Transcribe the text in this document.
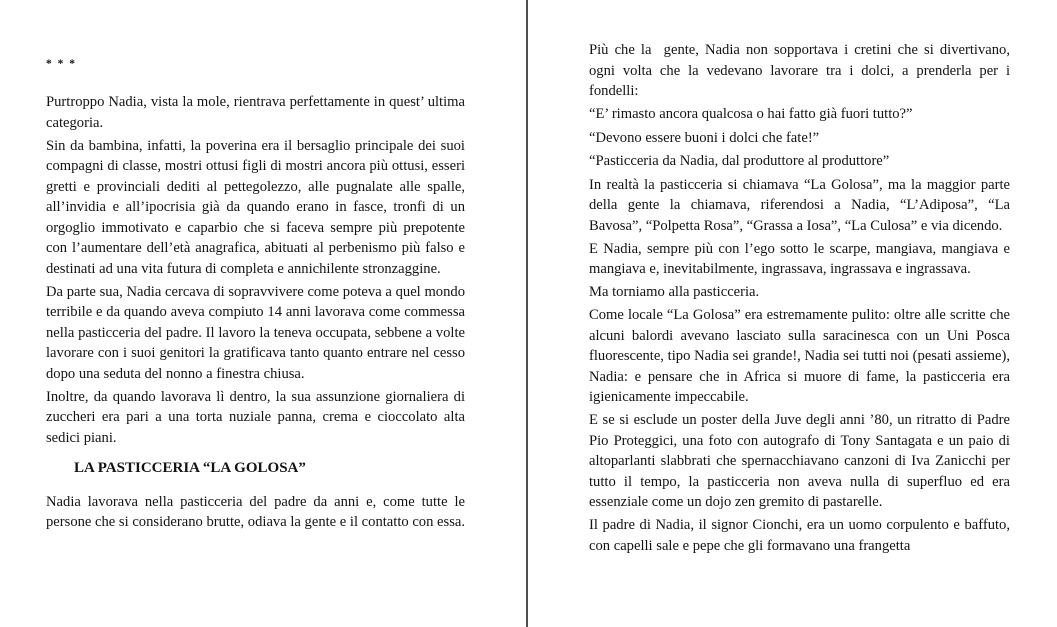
* * *

Purtroppo Nadia, vista la mole, rientrava perfettamente in quest’ ultima categoria.

Sin da bambina, infatti, la poverina era il bersaglio principale dei suoi compagni di classe, mostri ottusi figli di mostri ancora più ottusi, esseri gretti e provinciali dediti al pettegolezzo, alle pugnalate alle spalle, all’invidia e all’ipocrisia già da quando erano in fasce, tronfi di un orgoglio immotivato e caparbio che si faceva sempre più prepotente con l’aumentare dell’età anagrafica, abituati al perbenismo più falso e destinati ad una vita futura di completa e annichilente stronzaggine.

Da parte sua, Nadia cercava di sopravvivere come poteva a quel mondo terribile e da quando aveva compiuto 14 anni lavorava come commessa nella pasticceria del padre. Il lavoro la teneva occupata, sebbene a volte lavorare con i suoi genitori la gratificava tanto quanto entrare nel cesso dopo una seduta del nonno a finestra chiusa.

Inoltre, da quando lavorava lì dentro, la sua assunzione giornaliera di zuccheri era pari a una torta nuziale panna, crema e cioccolato alta sedici piani.

LA PASTICCERIA “LA GOLOSA”

Nadia lavorava nella pasticceria del padre da anni e, come tutte le persone che si considerano brutte, odiava la gente e il contatto con essa.

Più che la  gente, Nadia non sopportava i cretini che si divertivano, ogni volta che la vedevano lavorare tra i dolci, a prenderla per i fondelli:

“E’ rimasto ancora qualcosa o hai fatto già fuori tutto?”

“Devono essere buoni i dolci che fate!”

“Pasticceria da Nadia, dal produttore al produttore”

In realtà la pasticceria si chiamava “La Golosa”, ma la maggior parte della gente la chiamava, riferendosi a Nadia, “L’Adiposa”, “La Bavosa”, “Polpetta Rosa”, “Grassa a Iosa”, “La Culosa” e via dicendo.

E Nadia, sempre più con l’ego sotto le scarpe, mangiava, mangiava e mangiava e, inevitabilmente, ingrassava, ingrassava e ingrassava.

Ma torniamo alla pasticceria.

Come locale “La Golosa” era estremamente pulito: oltre alle scritte che alcuni balordi avevano lasciato sulla saracinesca con un Uni Posca fluorescente, tipo Nadia sei grande!, Nadia sei tutti noi (pesati assieme), Nadia: e pensare che in Africa si muore di fame, la pasticceria era igienicamente impeccabile.

E se si esclude un poster della Juve degli anni ’80, un ritratto di Padre Pio Proteggici, una foto con autografo di Tony Santagata e un paio di altoparlanti slabbrati che spernacchiavano canzoni di Iva Zanicchi per tutto il tempo, la pasticceria non aveva nulla di superfluo ed era essenziale come un dojo zen gremito di pastarelle.

Il padre di Nadia, il signor Cionchi, era un uomo corpulento e baffuto, con capelli sale e pepe che gli formavano una frangetta
